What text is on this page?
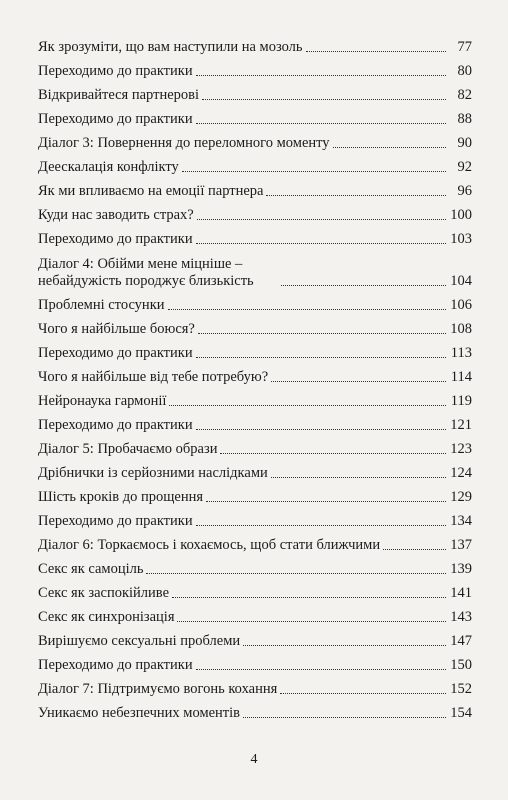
Як зрозуміти, що вам наступили на мозоль	77
Переходимо до практики	80
Відкривайтеся партнерові	82
Переходимо до практики	88
Діалог 3: Повернення до переломного моменту	90
Деескалація конфлікту	92
Як ми впливаємо на емоції партнера	96
Куди нас заводить страх?	100
Переходимо до практики	103
Діалог 4: Обійми мене міцніше – небайдужість породжує близькість	104
Проблемні стосунки	106
Чого я найбільше боюся?	108
Переходимо до практики	113
Чого я найбільше від тебе потребую?	114
Нейронаука гармонії	119
Переходимо до практики	121
Діалог 5: Пробачаємо образи	123
Дрібнички із серйозними наслідками	124
Шість кроків до прощення	129
Переходимо до практики	134
Діалог 6: Торкаємось і кохаємось, щоб стати ближчими	137
Секс як самоціль	139
Секс як заспокійливе	141
Секс як синхронізація	143
Вирішуємо сексуальні проблеми	147
Переходимо до практики	150
Діалог 7: Підтримуємо вогонь кохання	152
Уникаємо небезпечних моментів	154
4
